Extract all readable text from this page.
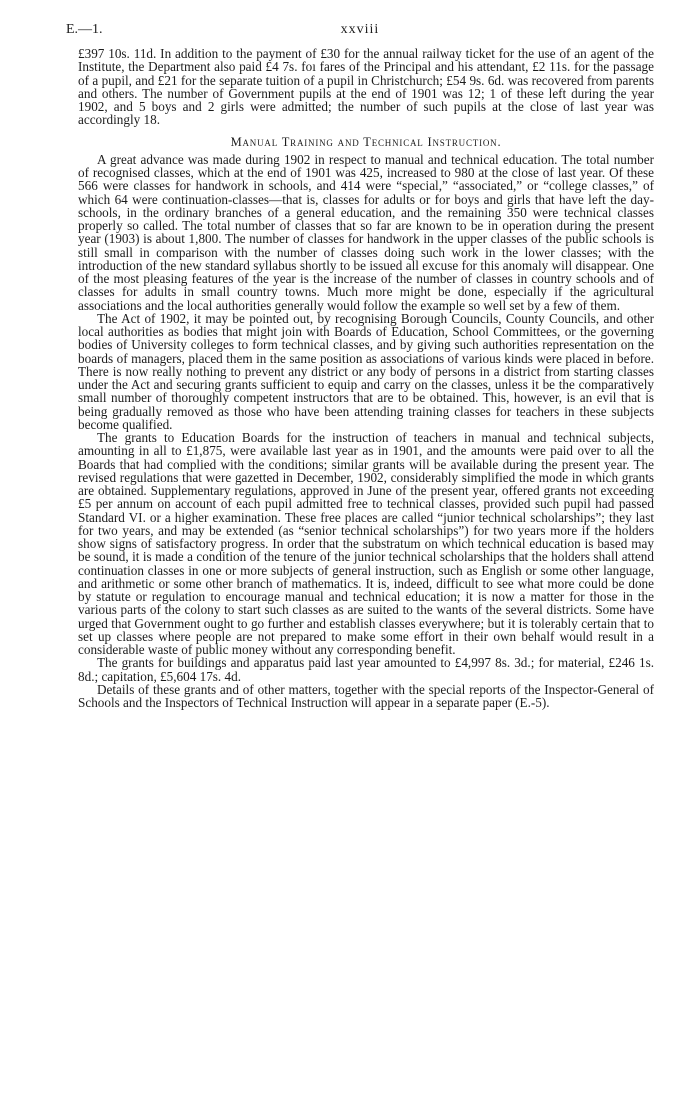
E.—1.	xxviii

£397 10s. 11d. In addition to the payment of £30 for the annual railway ticket for the use of an agent of the Institute, the Department also paid £4 7s. foı fares of the Principal and his attendant, £2 11s. for the passage of a pupil, and £21 for the separate tuition of a pupil in Christchurch; £54 9s. 6d. was recovered from parents and others. The number of Government pupils at the end of 1901 was 12; 1 of these left during the year 1902, and 5 boys and 2 girls were admitted; the number of such pupils at the close of last year was accordingly 18.

Manual Training and Technical Instruction.

A great advance was made during 1902 in respect to manual and technical education. The total number of recognised classes, which at the end of 1901 was 425, increased to 980 at the close of last year. Of these 566 were classes for handwork in schools, and 414 were “special,” “associated,” or “college classes,” of which 64 were continuation-classes—that is, classes for adults or for boys and girls that have left the day-schools, in the ordinary branches of a general education, and the remaining 350 were technical classes properly so called. The total number of classes that so far are known to be in operation during the present year (1903) is about 1,800. The number of classes for handwork in the upper classes of the public schools is still small in comparison with the number of classes doing such work in the lower classes; with the introduction of the new standard syllabus shortly to be issued all excuse for this anomaly will disappear. One of the most pleasing features of the year is the increase of the number of classes in country schools and of classes for adults in small country towns. Much more might be done, especially if the agricultural associations and the local authorities generally would follow the example so well set by a few of them.

The Act of 1902, it may be pointed out, by recognising Borough Councils, County Councils, and other local authorities as bodies that might join with Boards of Education, School Committees, or the governing bodies of University colleges to form technical classes, and by giving such authorities representation on the boards of managers, placed them in the same position as associations of various kinds were placed in before. There is now really nothing to prevent any district or any body of persons in a district from starting classes under the Act and securing grants sufficient to equip and carry on the classes, unless it be the comparatively small number of thoroughly competent instructors that are to be obtained. This, however, is an evil that is being gradually removed as those who have been attending training classes for teachers in these subjects become qualified.

The grants to Education Boards for the instruction of teachers in manual and technical subjects, amounting in all to £1,875, were available last year as in 1901, and the amounts were paid over to all the Boards that had complied with the conditions; similar grants will be available during the present year. The revised regulations that were gazetted in December, 1902, considerably simplified the mode in which grants are obtained. Supplementary regulations, approved in June of the present year, offered grants not exceeding £5 per annum on account of each pupil admitted free to technical classes, provided such pupil had passed Standard VI. or a higher examination. These free places are called “junior technical scholarships”; they last for two years, and may be extended (as “senior technical scholarships”) for two years more if the holders show signs of satisfactory progress. In order that the substratum on which technical education is based may be sound, it is made a condition of the tenure of the junior technical scholarships that the holders shall attend continuation classes in one or more subjects of general instruction, such as English or some other language, and arithmetic or some other branch of mathematics. It is, indeed, difficult to see what more could be done by statute or regulation to encourage manual and technical education; it is now a matter for those in the various parts of the colony to start such classes as are suited to the wants of the several districts. Some have urged that Government ought to go further and establish classes everywhere; but it is tolerably certain that to set up classes where people are not prepared to make some effort in their own behalf would result in a considerable waste of public money without any corresponding benefit.

The grants for buildings and apparatus paid last year amounted to £4,997 8s. 3d.; for material, £246 1s. 8d.; capitation, £5,604 17s. 4d.

Details of these grants and of other matters, together with the special reports of the Inspector-General of Schools and the Inspectors of Technical Instruction will appear in a separate paper (E.-5).
